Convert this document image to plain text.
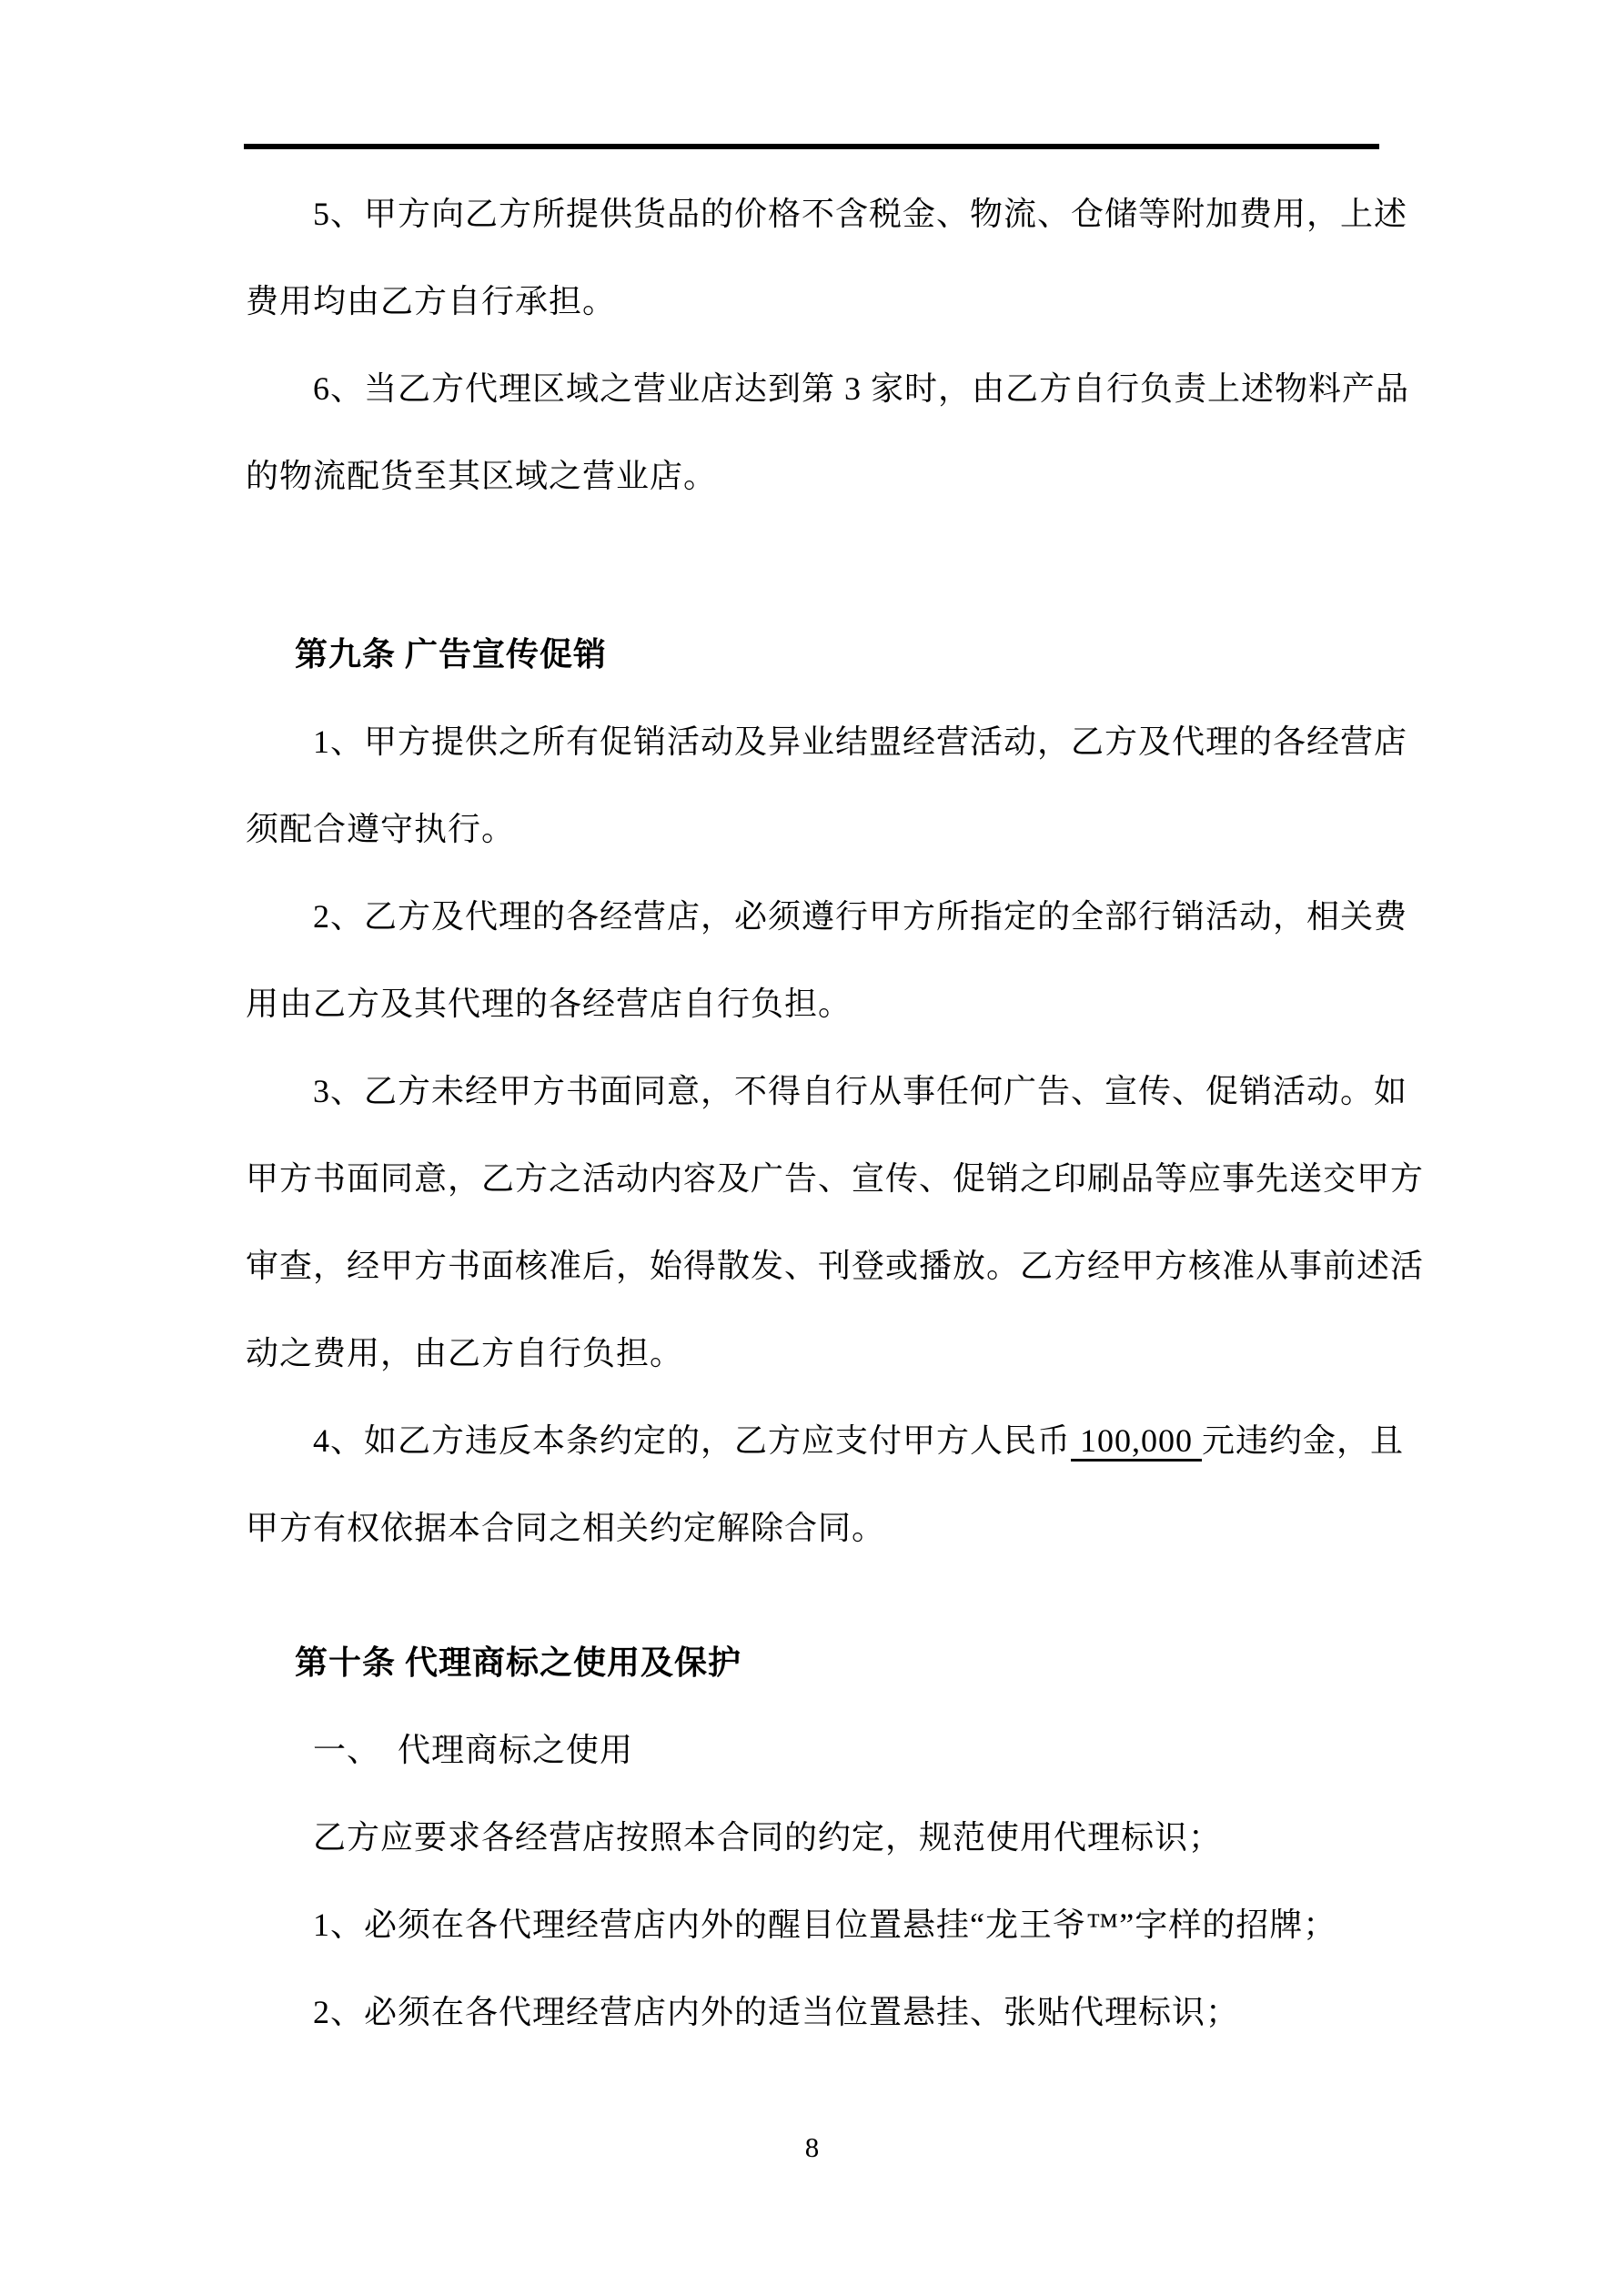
5、甲方向乙方所提供货品的价格不含税金、物流、仓储等附加费用，上述
费用均由乙方自行承担。
6、当乙方代理区域之营业店达到第 3 家时，由乙方自行负责上述物料产品
的物流配货至其区域之营业店。
第九条 广告宣传促销
1、甲方提供之所有促销活动及异业结盟经营活动，乙方及代理的各经营店
须配合遵守执行。
2、乙方及代理的各经营店，必须遵行甲方所指定的全部行销活动，相关费
用由乙方及其代理的各经营店自行负担。
3、乙方未经甲方书面同意，不得自行从事任何广告、宣传、促销活动。如
甲方书面同意，乙方之活动内容及广告、宣传、促销之印刷品等应事先送交甲方
审查，经甲方书面核准后，始得散发、刊登或播放。乙方经甲方核准从事前述活
动之费用，由乙方自行负担。
4、如乙方违反本条约定的，乙方应支付甲方人民币 100,000 元违约金，且
甲方有权依据本合同之相关约定解除合同。
第十条 代理商标之使用及保护
一、　代理商标之使用
乙方应要求各经营店按照本合同的约定，规范使用代理标识；
1、必须在各代理经营店内外的醒目位置悬挂“龙王爷™”字样的招牌；
2、必须在各代理经营店内外的适当位置悬挂、张贴代理标识；
8
